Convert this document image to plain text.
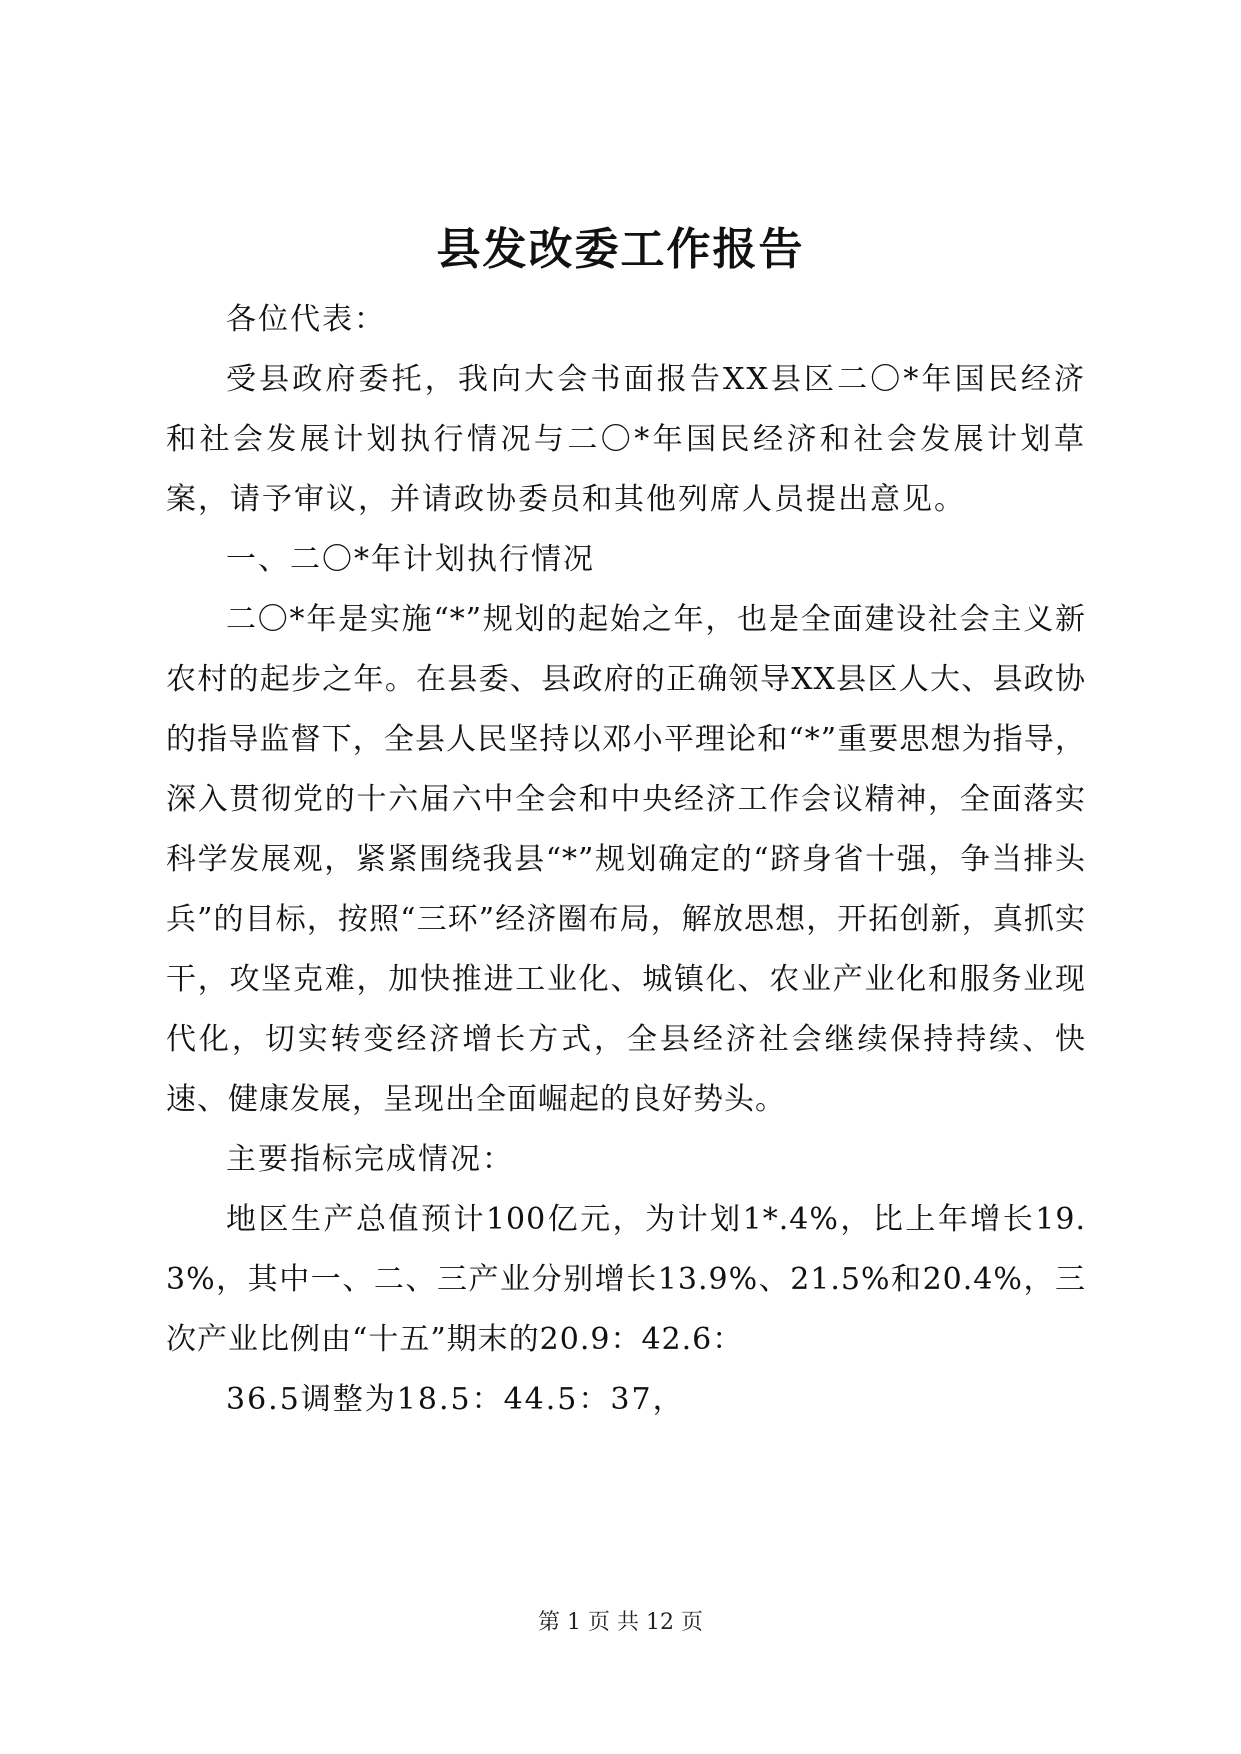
县发改委工作报告

各位代表：

受县政府委托，我向大会书面报告XX县区二〇*年国民经济和社会发展计划执行情况与二〇*年国民经济和社会发展计划草案，请予审议，并请政协委员和其他列席人员提出意见。

一、二〇*年计划执行情况

二〇*年是实施“*”规划的起始之年，也是全面建设社会主义新农村的起步之年。在县委、县政府的正确领导XX县区人大、县政协的指导监督下，全县人民坚持以邓小平理论和“*”重要思想为指导，深入贯彻党的十六届六中全会和中央经济工作会议精神，全面落实科学发展观，紧紧围绕我县“*”规划确定的“跻身省十强，争当排头兵”的目标，按照“三环”经济圈布局，解放思想，开拓创新，真抓实干，攻坚克难，加快推进工业化、城镇化、农业产业化和服务业现代化，切实转变经济增长方式，全县经济社会继续保持持续、快速、健康发展，呈现出全面崛起的良好势头。

主要指标完成情况：

地区生产总值预计100亿元，为计划1*.4%，比上年增长19.3%，其中一、二、三产业分别增长13.9%、21.5%和20.4%，三次产业比例由“十五”期末的20.9：42.6：

36.5调整为18.5：44.5：37，

第 1 页 共 12 页
